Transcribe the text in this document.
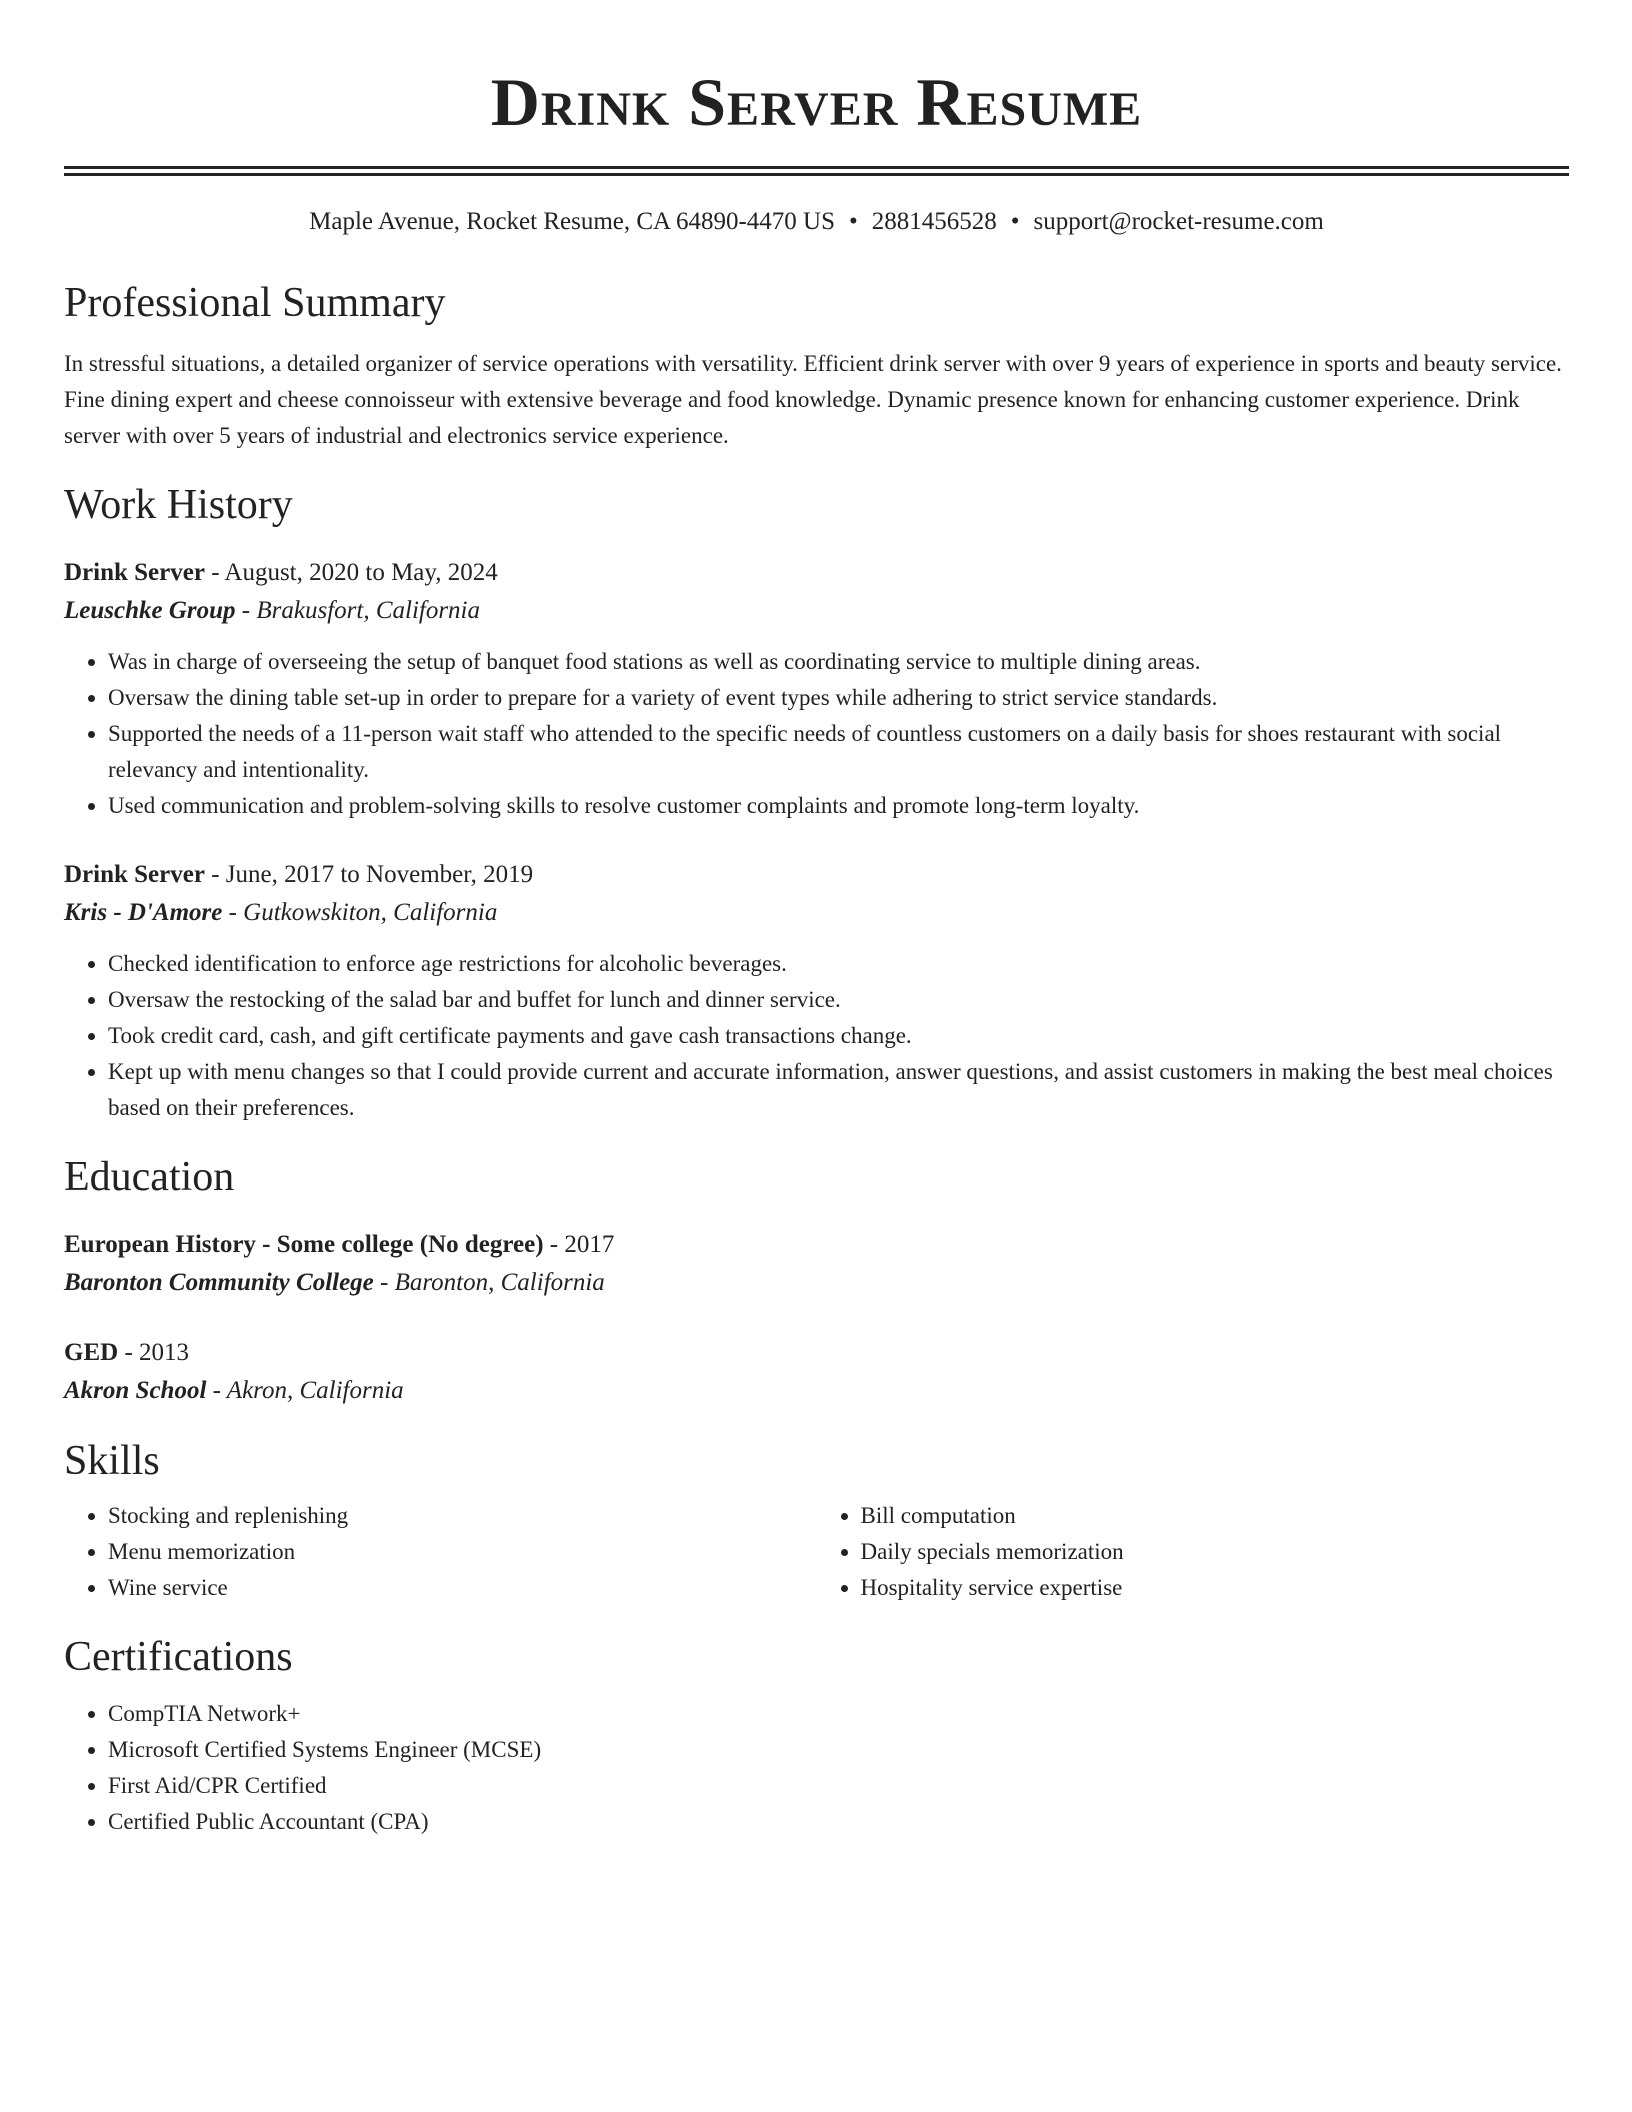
Drink Server Resume
Maple Avenue, Rocket Resume, CA 64890-4470 US • 2881456528 • support@rocket-resume.com
Professional Summary
In stressful situations, a detailed organizer of service operations with versatility. Efficient drink server with over 9 years of experience in sports and beauty service. Fine dining expert and cheese connoisseur with extensive beverage and food knowledge. Dynamic presence known for enhancing customer experience. Drink server with over 5 years of industrial and electronics service experience.
Work History
Drink Server - August, 2020 to May, 2024
Leuschke Group - Brakusfort, California
• Was in charge of overseeing the setup of banquet food stations as well as coordinating service to multiple dining areas.
• Oversaw the dining table set-up in order to prepare for a variety of event types while adhering to strict service standards.
• Supported the needs of a 11-person wait staff who attended to the specific needs of countless customers on a daily basis for shoes restaurant with social relevancy and intentionality.
• Used communication and problem-solving skills to resolve customer complaints and promote long-term loyalty.
Drink Server - June, 2017 to November, 2019
Kris - D'Amore - Gutkowskiton, California
• Checked identification to enforce age restrictions for alcoholic beverages.
• Oversaw the restocking of the salad bar and buffet for lunch and dinner service.
• Took credit card, cash, and gift certificate payments and gave cash transactions change.
• Kept up with menu changes so that I could provide current and accurate information, answer questions, and assist customers in making the best meal choices based on their preferences.
Education
European History - Some college (No degree) - 2017
Baronton Community College - Baronton, California
GED - 2013
Akron School - Akron, California
Skills
• Stocking and replenishing
• Menu memorization
• Wine service
• Bill computation
• Daily specials memorization
• Hospitality service expertise
Certifications
• CompTIA Network+
• Microsoft Certified Systems Engineer (MCSE)
• First Aid/CPR Certified
• Certified Public Accountant (CPA)
